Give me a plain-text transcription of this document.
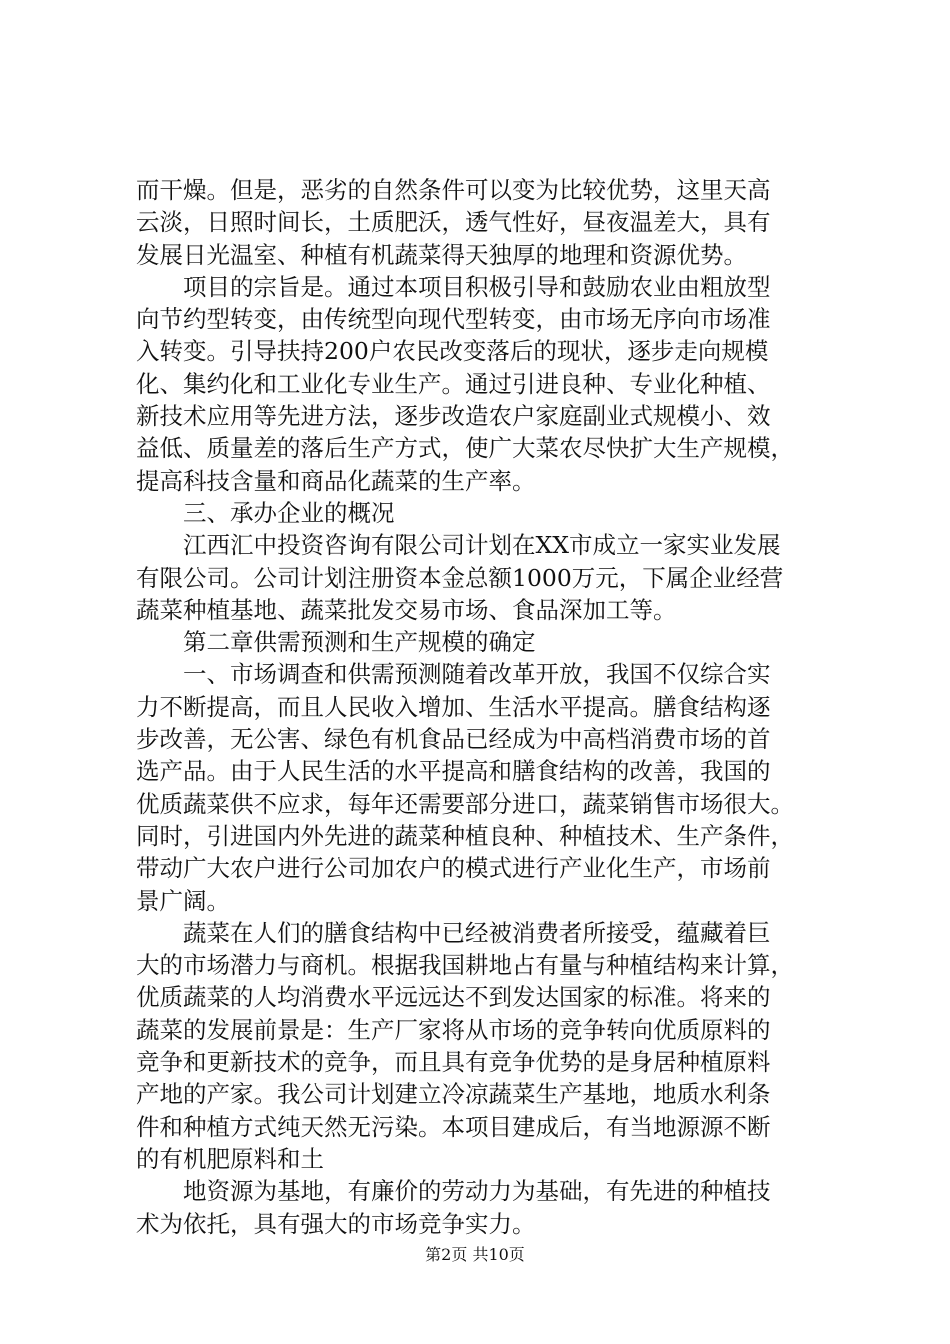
而干燥。但是，恶劣的自然条件可以变为比较优势，这里天高
云淡，日照时间长，土质肥沃，透气性好，昼夜温差大，具有
发展日光温室、种植有机蔬菜得天独厚的地理和资源优势。
项目的宗旨是。通过本项目积极引导和鼓励农业由粗放型
向节约型转变，由传统型向现代型转变，由市场无序向市场准
入转变。引导扶持200户农民改变落后的现状，逐步走向规模
化、集约化和工业化专业生产。通过引进良种、专业化种植、
新技术应用等先进方法，逐步改造农户家庭副业式规模小、效
益低、质量差的落后生产方式，使广大菜农尽快扩大生产规模，
提高科技含量和商品化蔬菜的生产率。
三、承办企业的概况
江西汇中投资咨询有限公司计划在XX市成立一家实业发展
有限公司。公司计划注册资本金总额1000万元，下属企业经营
蔬菜种植基地、蔬菜批发交易市场、食品深加工等。
第二章供需预测和生产规模的确定
一、市场调查和供需预测随着改革开放，我国不仅综合实
力不断提高，而且人民收入增加、生活水平提高。膳食结构逐
步改善，无公害、绿色有机食品已经成为中高档消费市场的首
选产品。由于人民生活的水平提高和膳食结构的改善，我国的
优质蔬菜供不应求，每年还需要部分进口，蔬菜销售市场很大。
同时，引进国内外先进的蔬菜种植良种、种植技术、生产条件，
带动广大农户进行公司加农户的模式进行产业化生产，市场前
景广阔。
蔬菜在人们的膳食结构中已经被消费者所接受，蕴藏着巨
大的市场潜力与商机。根据我国耕地占有量与种植结构来计算，
优质蔬菜的人均消费水平远远达不到发达国家的标准。将来的
蔬菜的发展前景是：生产厂家将从市场的竞争转向优质原料的
竞争和更新技术的竞争，而且具有竞争优势的是身居种植原料
产地的产家。我公司计划建立冷凉蔬菜生产基地，地质水利条
件和种植方式纯天然无污染。本项目建成后，有当地源源不断
的有机肥原料和土
地资源为基地，有廉价的劳动力为基础，有先进的种植技
术为依托，具有强大的市场竞争实力。
第2页 共10页
